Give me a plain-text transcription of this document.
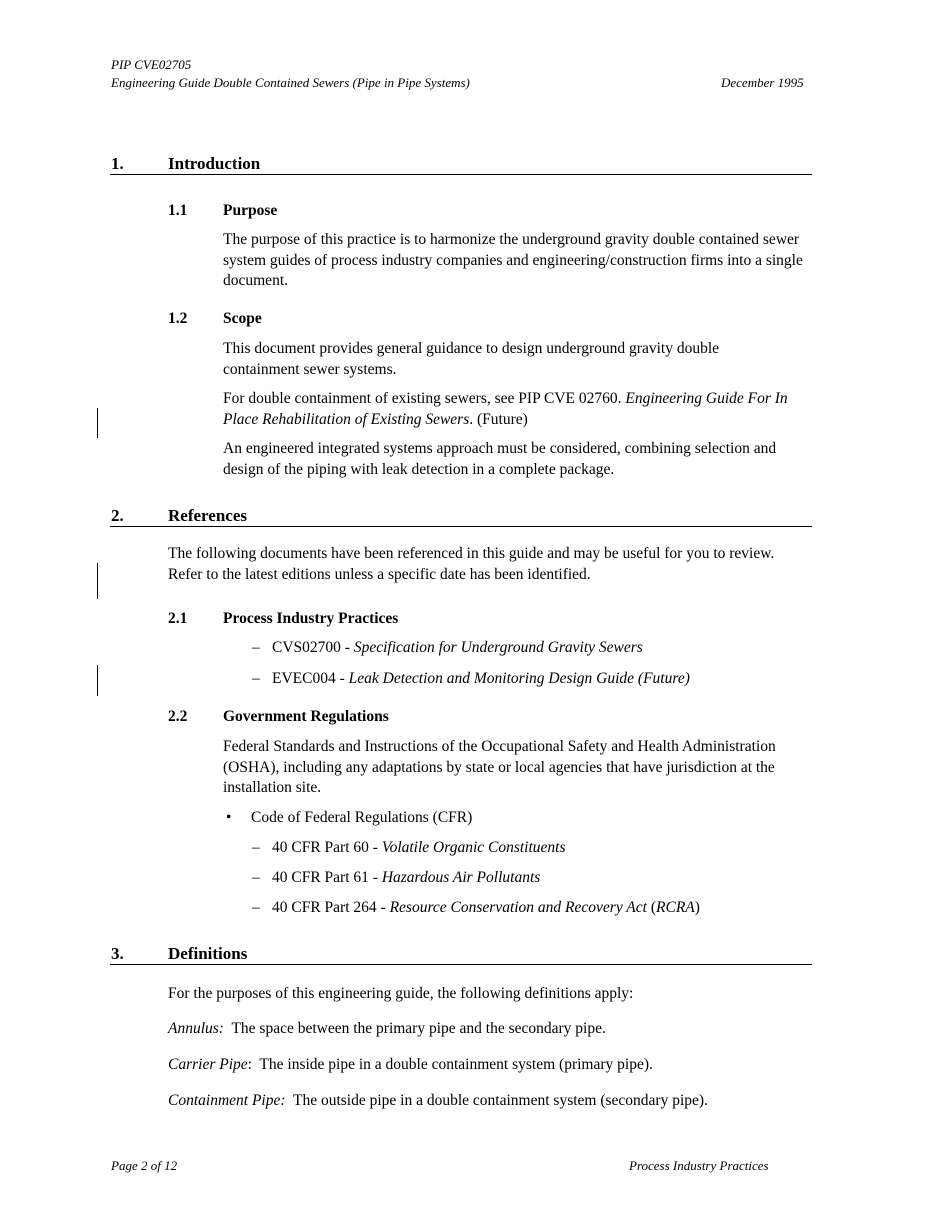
PIP CVE02705
Engineering Guide Double Contained Sewers (Pipe in Pipe Systems)	December 1995
1.	Introduction
1.1 Purpose
The purpose of this practice is to harmonize the underground gravity double contained sewer system guides of process industry companies and engineering/construction firms into a single document.
1.2 Scope
This document provides general guidance to design underground gravity double containment sewer systems.
For double containment of existing sewers, see PIP CVE 02760. Engineering Guide For In Place Rehabilitation of Existing Sewers. (Future)
An engineered integrated systems approach must be considered, combining selection and design of the piping with leak detection in a complete package.
2.	References
The following documents have been referenced in this guide and may be useful for you to review. Refer to the latest editions unless a specific date has been identified.
2.1 Process Industry Practices
– CVS02700 - Specification for Underground Gravity Sewers
– EVEC004 - Leak Detection and Monitoring Design Guide (Future)
2.2 Government Regulations
Federal Standards and Instructions of the Occupational Safety and Health Administration (OSHA), including any adaptations by state or local agencies that have jurisdiction at the installation site.
• Code of Federal Regulations (CFR)
– 40 CFR Part 60 - Volatile Organic Constituents
– 40 CFR Part 61 - Hazardous Air Pollutants
– 40 CFR Part 264 - Resource Conservation and Recovery Act (RCRA)
3.	Definitions
For the purposes of this engineering guide, the following definitions apply:
Annulus:  The space between the primary pipe and the secondary pipe.
Carrier Pipe:  The inside pipe in a double containment system (primary pipe).
Containment Pipe:  The outside pipe in a double containment system (secondary pipe).
Page 2 of 12	Process Industry Practices
